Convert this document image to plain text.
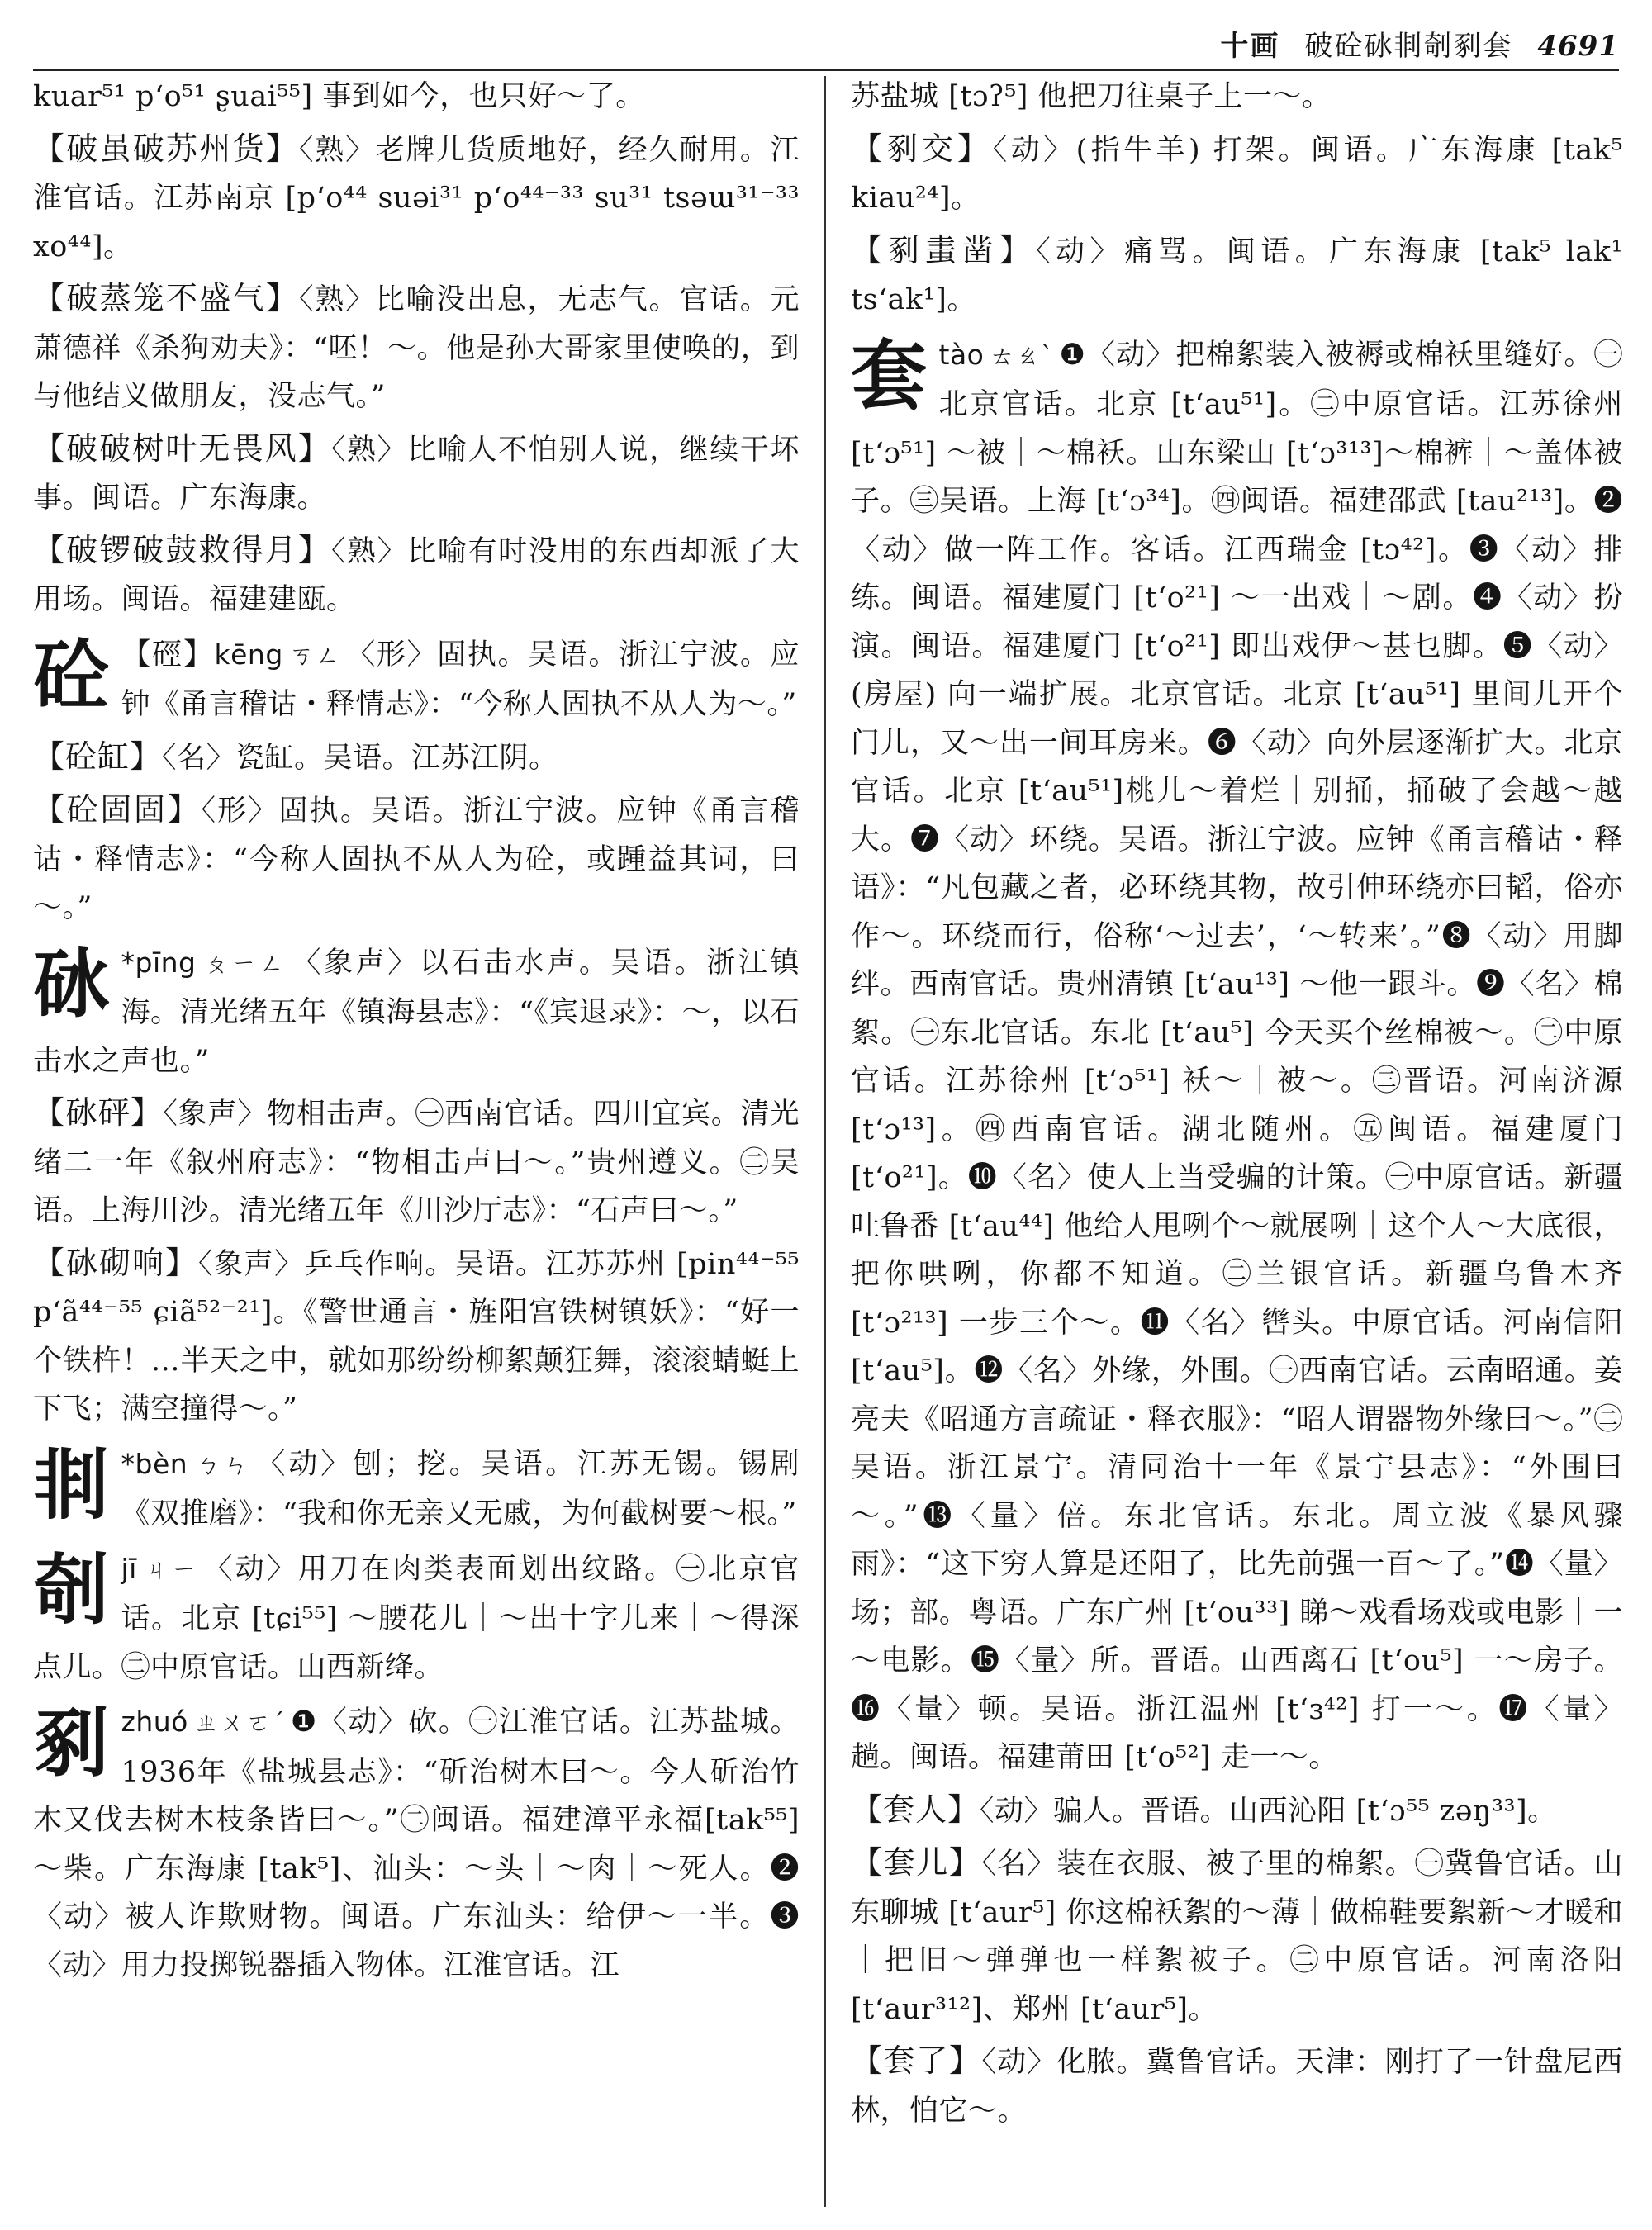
十画 破砼砅剕剞剢套 4691
kuar⁵¹ p‘o⁵¹ ʂuai⁵⁵] 事到如今，也只好～了。
【破虽破苏州货】〈熟〉老牌儿货质地好，经久耐用。江淮官话。江苏南京 [p‘o⁴⁴ suəi³¹ p‘o⁴⁴⁻³³ su³¹ tsəɯ³¹⁻³³ xo⁴⁴]。
【破蒸笼不盛气】〈熟〉比喻没出息，无志气。官话。元萧德祥《杀狗劝夫》：“呸！～。他是孙大哥家里使唤的，到与他结义做朋友，没志气。”
【破破树叶无畏风】〈熟〉比喻人不怕别人说，继续干坏事。闽语。广东海康。
【破锣破鼓救得月】〈熟〉比喻有时没用的东西却派了大用场。闽语。福建建瓯。
砼 【硜】kēng ㄎㄥ 〈形〉固执。吴语。浙江宁波。应钟《甬言稽诂・释情志》：“今称人固执不从人为～。”
【砼缸】〈名〉瓷缸。吴语。江苏江阴。
【砼固固】〈形〉固执。吴语。浙江宁波。应钟《甬言稽诂・释情志》：“今称人固执不从人为砼，或踵益其词，曰～。”
砅 *pīng ㄆㄧㄥ 〈象声〉以石击水声。吴语。浙江镇海。清光绪五年《镇海县志》：“《宾退录》：～，以石击水之声也。”
【砅砰】〈象声〉物相击声。㊀西南官话。四川宜宾。清光绪二一年《叙州府志》：“物相击声曰～。”贵州遵义。㊁吴语。上海川沙。清光绪五年《川沙厅志》：“石声曰～。”
【砅砌响】〈象声〉乒乓作响。吴语。江苏苏州 [pin⁴⁴⁻⁵⁵ p‘ã⁴⁴⁻⁵⁵ ɕiã⁵²⁻²¹]。《警世通言・旌阳宫铁树镇妖》：“好一个铁杵！…半天之中，就如那纷纷柳絮颠狂舞，滚滚蜻蜓上下飞；满空撞得～。”
剕 *bèn ㄅㄣ 〈动〉刨；挖。吴语。江苏无锡。锡剧《双推磨》：“我和你无亲又无戚，为何截树要～根。”
剞jī ㄐㄧ 〈动〉用刀在肉类表面划出纹路。㊀北京官话。北京 [tɕi⁵⁵] ～腰花儿｜～出十字儿来｜～得深点儿。㊁中原官话。山西新绛。
剢zhuó ㄓㄨㄛˊ ❶〈动〉砍。㊀江淮官话。江苏盐城。1936年《盐城县志》：“斫治树木曰～。今人斫治竹木又伐去树木枝条皆曰～。”㊁闽语。福建漳平永福[tak⁵⁵] ～柴。广东海康 [tak⁵]、汕头：～头｜～肉｜～死人。❷〈动〉被人诈欺财物。闽语。广东汕头：给伊～一半。❸〈动〉用力投掷锐器插入物体。江淮官话。江
苏盐城 [tɔʔ⁵] 他把刀往桌子上一～。
【剢交】〈动〉(指牛羊) 打架。闽语。广东海康 [tak⁵ kiau²⁴]。
【剢䖯凿】〈动〉痛骂。闽语。广东海康 [tak⁵ lak¹ ts‘ak¹]。
套tào ㄊㄠˋ ❶〈动〉把棉絮装入被褥或棉袄里缝好。㊀北京官话。北京 [t‘au⁵¹]。㊁中原官话。江苏徐州 [t‘ɔ⁵¹] ～被｜～棉袄。山东梁山 [t‘ɔ³¹³]～棉裤｜～盖体被子。㊂吴语。上海 [t‘ɔ³⁴]。㊃闽语。福建邵武 [tau²¹³]。❷〈动〉做一阵工作。客话。江西瑞金 [tɔ⁴²]。❸〈动〉排练。闽语。福建厦门 [t‘o²¹] ～一出戏｜～剧。❹〈动〉扮演。闽语。福建厦门 [t‘o²¹] 即出戏伊～甚乜脚。❺〈动〉(房屋) 向一端扩展。北京官话。北京 [t‘au⁵¹] 里间儿开个门儿，又～出一间耳房来。❻〈动〉向外层逐渐扩大。北京官话。北京 [t‘au⁵¹]桃儿～着烂｜别捅，捅破了会越～越大。❼〈动〉环绕。吴语。浙江宁波。应钟《甬言稽诂・释语》：“凡包藏之者，必环绕其物，故引伸环绕亦曰韬，俗亦作～。环绕而行，俗称‘～过去’，‘～转来’。”❽〈动〉用脚绊。西南官话。贵州清镇 [t‘au¹³] ～他一跟斗。❾〈名〉棉絮。㊀东北官话。东北 [t‘au⁵] 今天买个丝棉被～。㊁中原官话。江苏徐州 [t‘ɔ⁵¹] 袄～｜被～。㊂晋语。河南济源 [t‘ɔ¹³]。㊃西南官话。湖北随州。㊄闽语。福建厦门 [t‘o²¹]。❿〈名〉使人上当受骗的计策。㊀中原官话。新疆吐鲁番 [t‘au⁴⁴] 他给人甩咧个～就展咧｜这个人～大底很，把你哄咧，你都不知道。㊁兰银官话。新疆乌鲁木齐 [t‘ɔ²¹³] 一步三个～。⓫〈名〉辔头。中原官话。河南信阳 [t‘au⁵]。⓬〈名〉外缘，外围。㊀西南官话。云南昭通。姜亮夫《昭通方言疏证・释衣服》：“昭人谓器物外缘曰～。”㊁吴语。浙江景宁。清同治十一年《景宁县志》：“外围曰～。”⓭〈量〉倍。东北官话。东北。周立波《暴风骤雨》：“这下穷人算是还阳了，比先前强一百～了。”⓮〈量〉场；部。粤语。广东广州 [t‘ou³³] 睇～戏看场戏或电影｜一～电影。⓯〈量〉所。晋语。山西离石 [t‘ou⁵] 一～房子。⓰〈量〉顿。吴语。浙江温州 [t‘ɜ⁴²] 打一～。⓱〈量〉趟。闽语。福建莆田 [t‘o⁵²] 走一～。
【套人】〈动〉骗人。晋语。山西沁阳 [t‘ɔ⁵⁵ zəŋ³³]。
【套儿】〈名〉装在衣服、被子里的棉絮。㊀冀鲁官话。山东聊城 [t‘aur⁵] 你这棉袄絮的～薄｜做棉鞋要絮新～才暖和｜把旧～弹弹也一样絮被子。㊁中原官话。河南洛阳 [t‘aur³¹²]、郑州 [t‘aur⁵]。
【套了】〈动〉化脓。冀鲁官话。天津：刚打了一针盘尼西林，怕它～。
